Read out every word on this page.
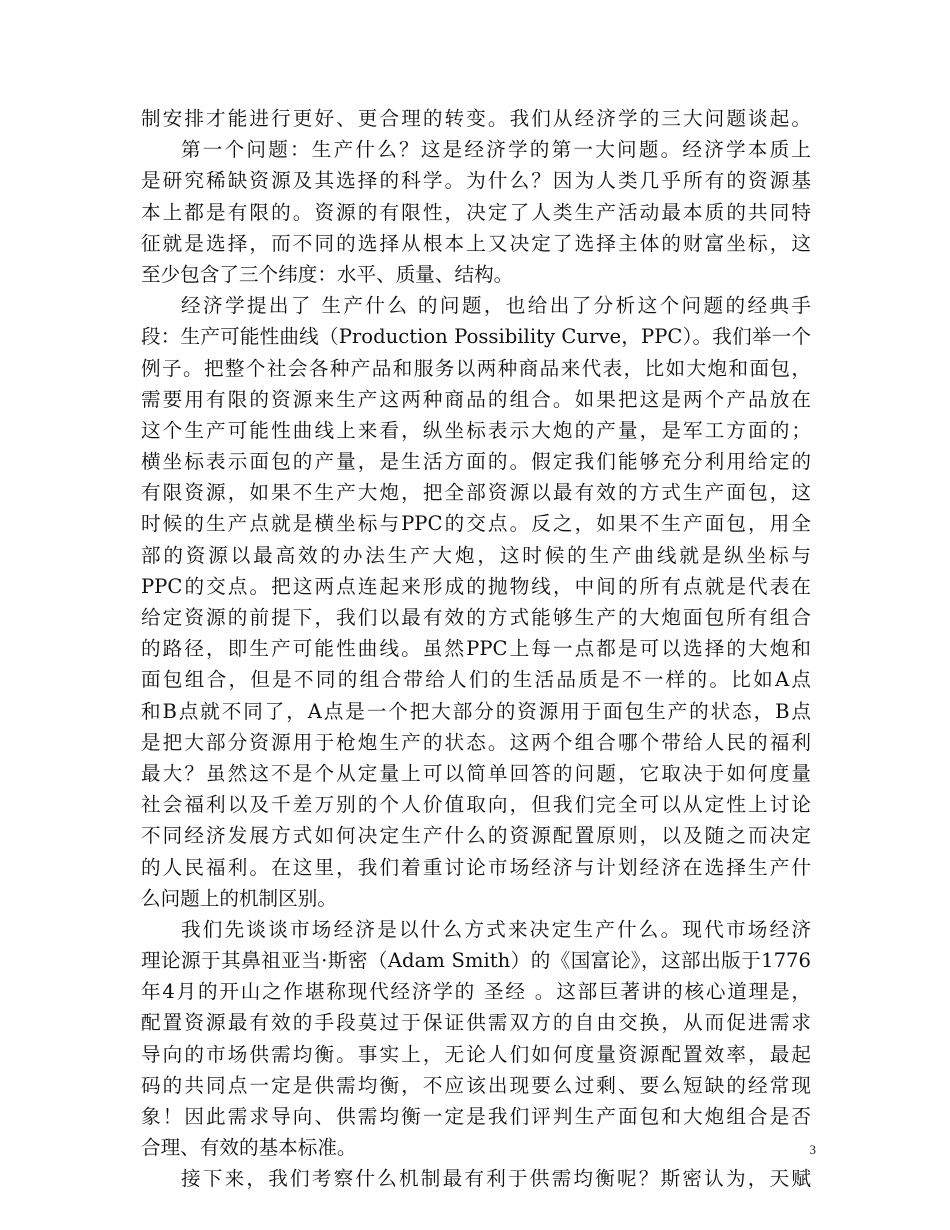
制安排才能进行更好、更合理的转变。我们从经济学的三大问题谈起。
第一个问题：生产什么？这是经济学的第一大问题。经济学本质上
是研究稀缺资源及其选择的科学。为什么？因为人类几乎所有的资源基
本上都是有限的。资源的有限性，决定了人类生产活动最本质的共同特
征就是选择，而不同的选择从根本上又决定了选择主体的财富坐标，这
至少包含了三个纬度：水平、质量、结构。
经济学提出了 生产什么 的问题，也给出了分析这个问题的经典手
段：生产可能性曲线（Production Possibility Curve，PPC）。我们举一个
例子。把整个社会各种产品和服务以两种商品来代表，比如大炮和面包，
需要用有限的资源来生产这两种商品的组合。如果把这是两个产品放在
这个生产可能性曲线上来看，纵坐标表示大炮的产量，是军工方面的；
横坐标表示面包的产量，是生活方面的。假定我们能够充分利用给定的
有限资源，如果不生产大炮，把全部资源以最有效的方式生产面包，这
时候的生产点就是横坐标与PPC的交点。反之，如果不生产面包，用全
部的资源以最高效的办法生产大炮，这时候的生产曲线就是纵坐标与
PPC的交点。把这两点连起来形成的抛物线，中间的所有点就是代表在
给定资源的前提下，我们以最有效的方式能够生产的大炮面包所有组合
的路径，即生产可能性曲线。虽然PPC上每一点都是可以选择的大炮和
面包组合，但是不同的组合带给人们的生活品质是不一样的。比如A点
和B点就不同了，A点是一个把大部分的资源用于面包生产的状态，B点
是把大部分资源用于枪炮生产的状态。这两个组合哪个带给人民的福利
最大？虽然这不是个从定量上可以简单回答的问题，它取决于如何度量
社会福利以及千差万别的个人价值取向，但我们完全可以从定性上讨论
不同经济发展方式如何决定生产什么的资源配置原则，以及随之而决定
的人民福利。在这里，我们着重讨论市场经济与计划经济在选择生产什
么问题上的机制区别。
我们先谈谈市场经济是以什么方式来决定生产什么。现代市场经济
理论源于其鼻祖亚当·斯密（Adam Smith）的《国富论》，这部出版于1776
年4月的开山之作堪称现代经济学的 圣经 。这部巨著讲的核心道理是，
配置资源最有效的手段莫过于保证供需双方的自由交换，从而促进需求
导向的市场供需均衡。事实上，无论人们如何度量资源配置效率，最起
码的共同点一定是供需均衡，不应该出现要么过剩、要么短缺的经常现
象！因此需求导向、供需均衡一定是我们评判生产面包和大炮组合是否
合理、有效的基本标准。
接下来，我们考察什么机制最有利于供需均衡呢？斯密认为，天赋
3
